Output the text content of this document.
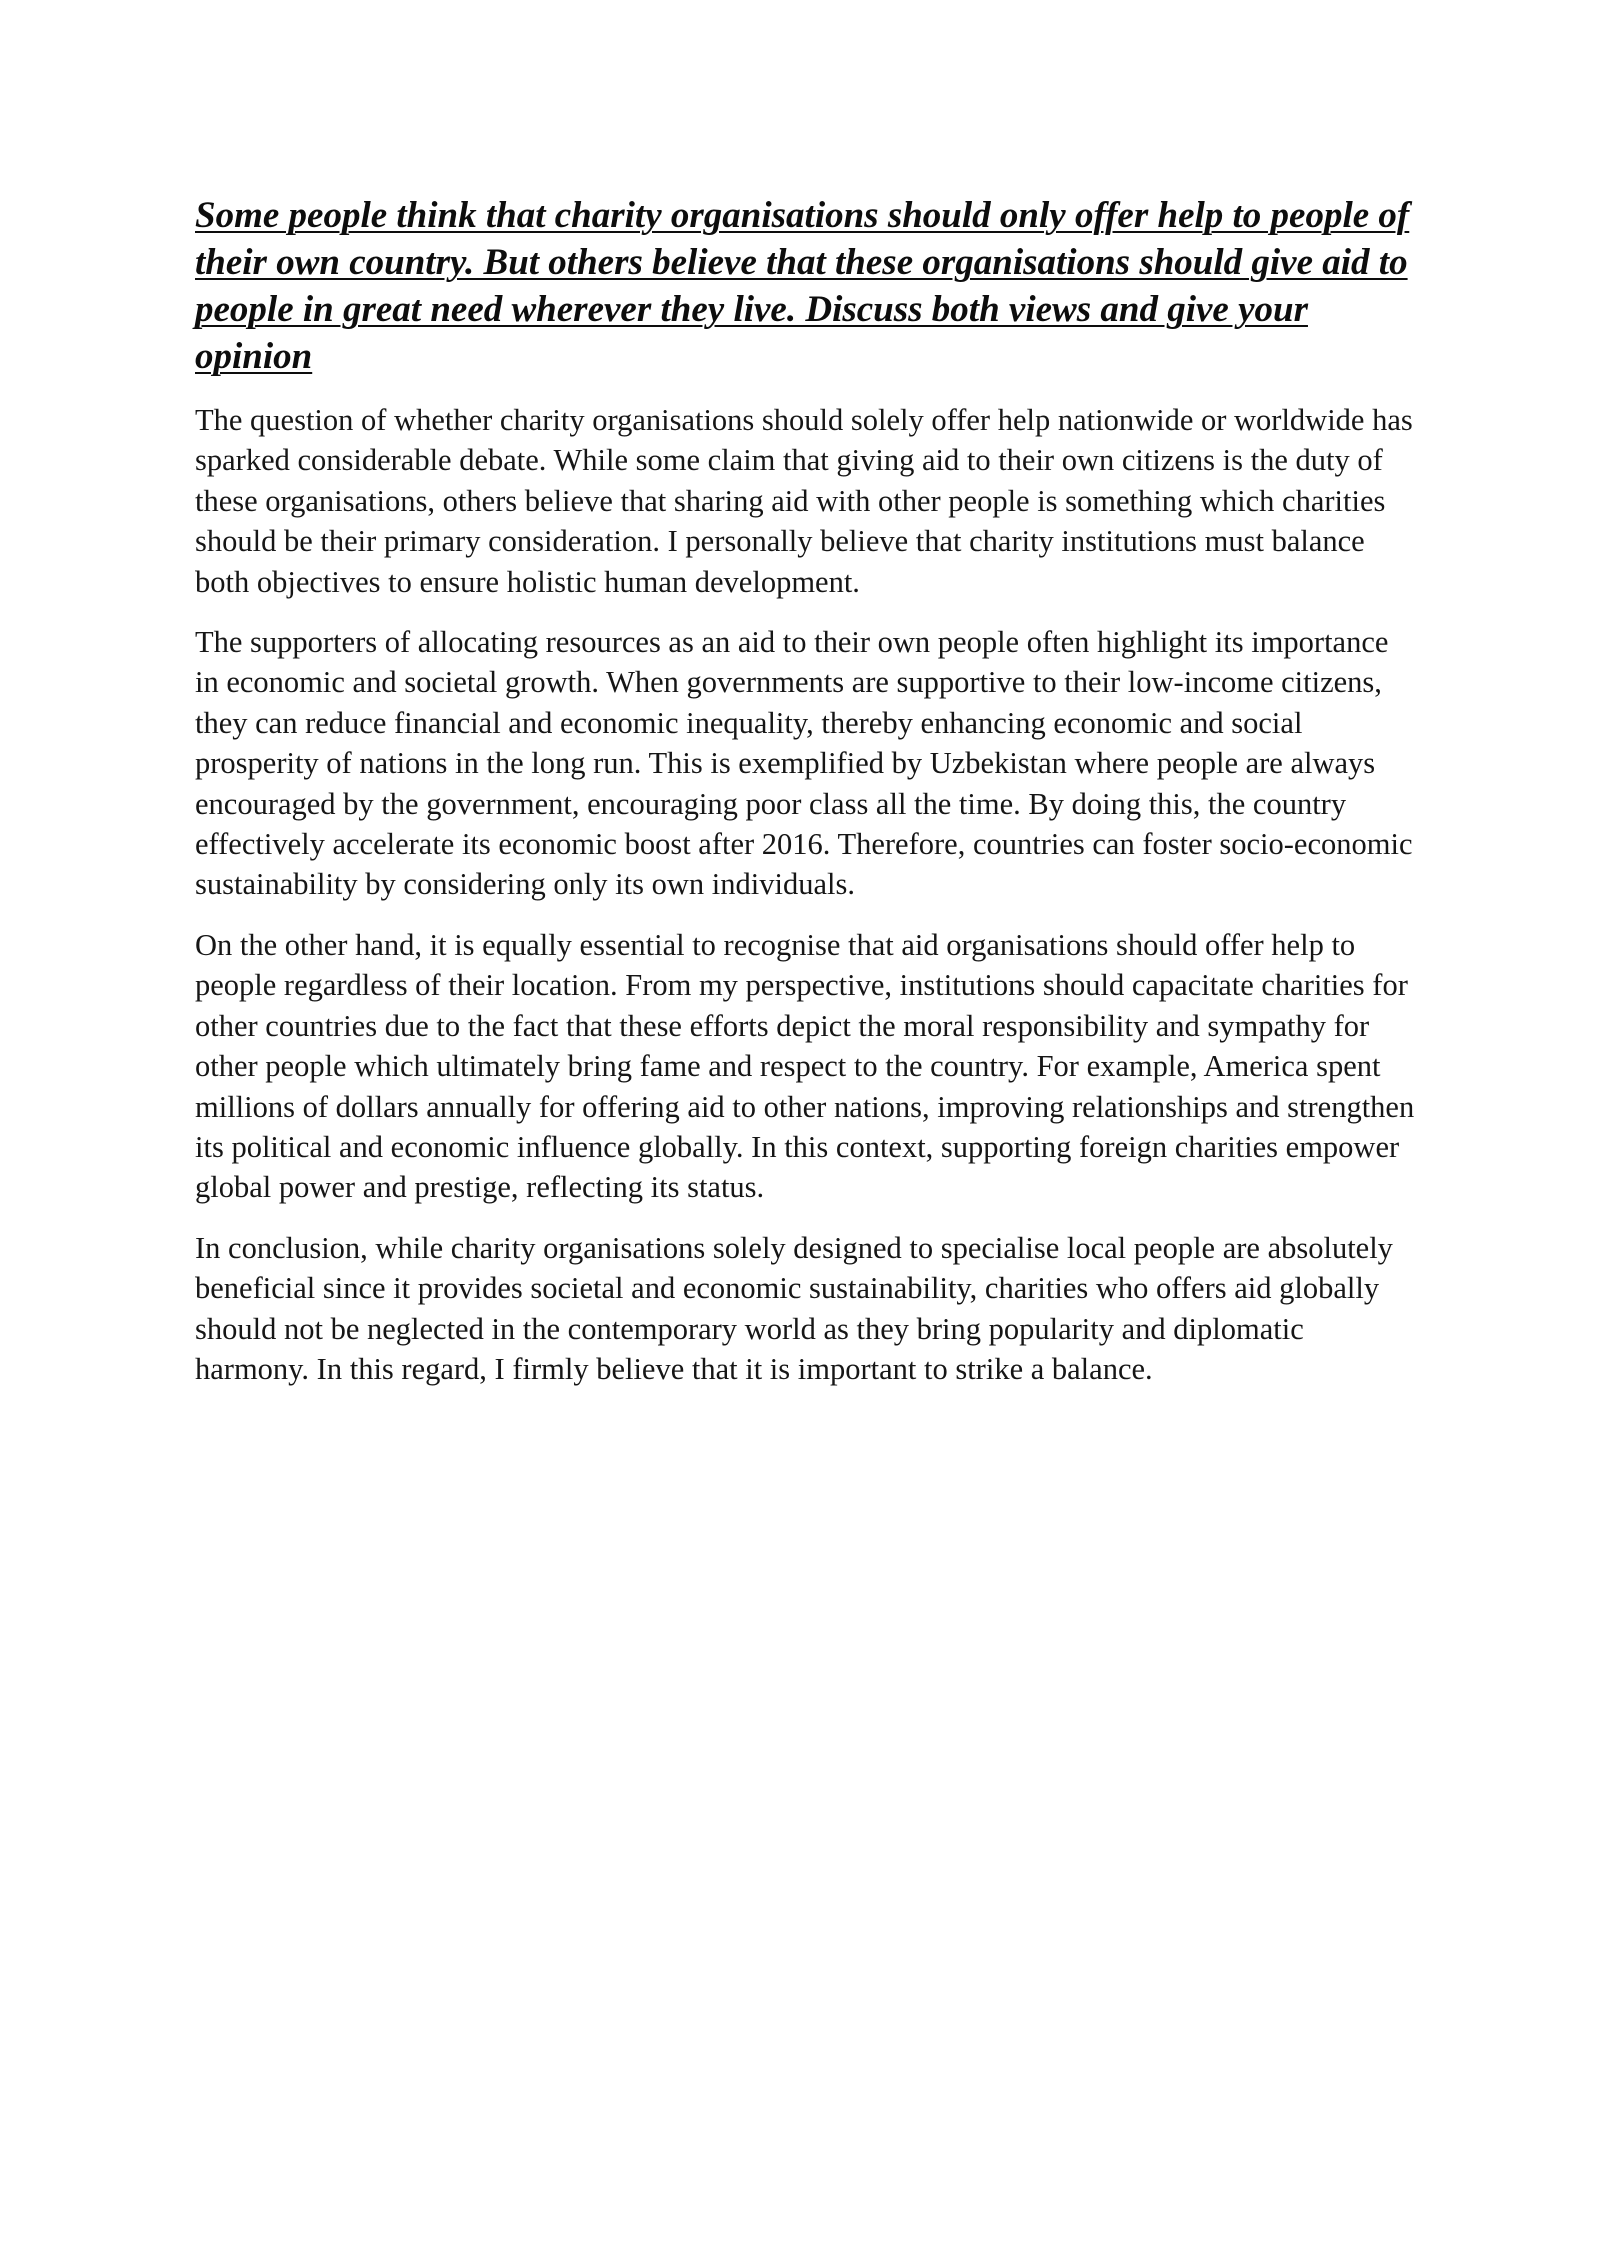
Some people think that charity organisations should only offer help to people of their own country. But others believe that these organisations should give aid to people in great need wherever they live. Discuss both views and give your opinion

The question of whether charity organisations should solely offer help nationwide or worldwide has sparked considerable debate. While some claim that giving aid to their own citizens is the duty of these organisations, others believe that sharing aid with other people is something which charities should be their primary consideration. I personally believe that charity institutions must balance both objectives to ensure holistic human development.

The supporters of allocating resources as an aid to their own people often highlight its importance in economic and societal growth. When governments are supportive to their low-income citizens, they can reduce financial and economic inequality, thereby enhancing economic and social prosperity of nations in the long run. This is exemplified by Uzbekistan where people are always encouraged by the government, encouraging poor class all the time. By doing this, the country effectively accelerate its economic boost after 2016. Therefore, countries can foster socio-economic sustainability by considering only its own individuals.

On the other hand, it is equally essential to recognise that aid organisations should offer help to people regardless of their location. From my perspective, institutions should capacitate charities for other countries due to the fact that these efforts depict the moral responsibility and sympathy for other people which ultimately bring fame and respect to the country. For example, America spent millions of dollars annually for offering aid to other nations, improving relationships and strengthen its political and economic influence globally. In this context, supporting foreign charities empower global power and prestige, reflecting its status.

In conclusion, while charity organisations solely designed to specialise local people are absolutely beneficial since it provides societal and economic sustainability, charities who offers aid globally should not be neglected in the contemporary world as they bring popularity and diplomatic harmony. In this regard, I firmly believe that it is important to strike a balance.
